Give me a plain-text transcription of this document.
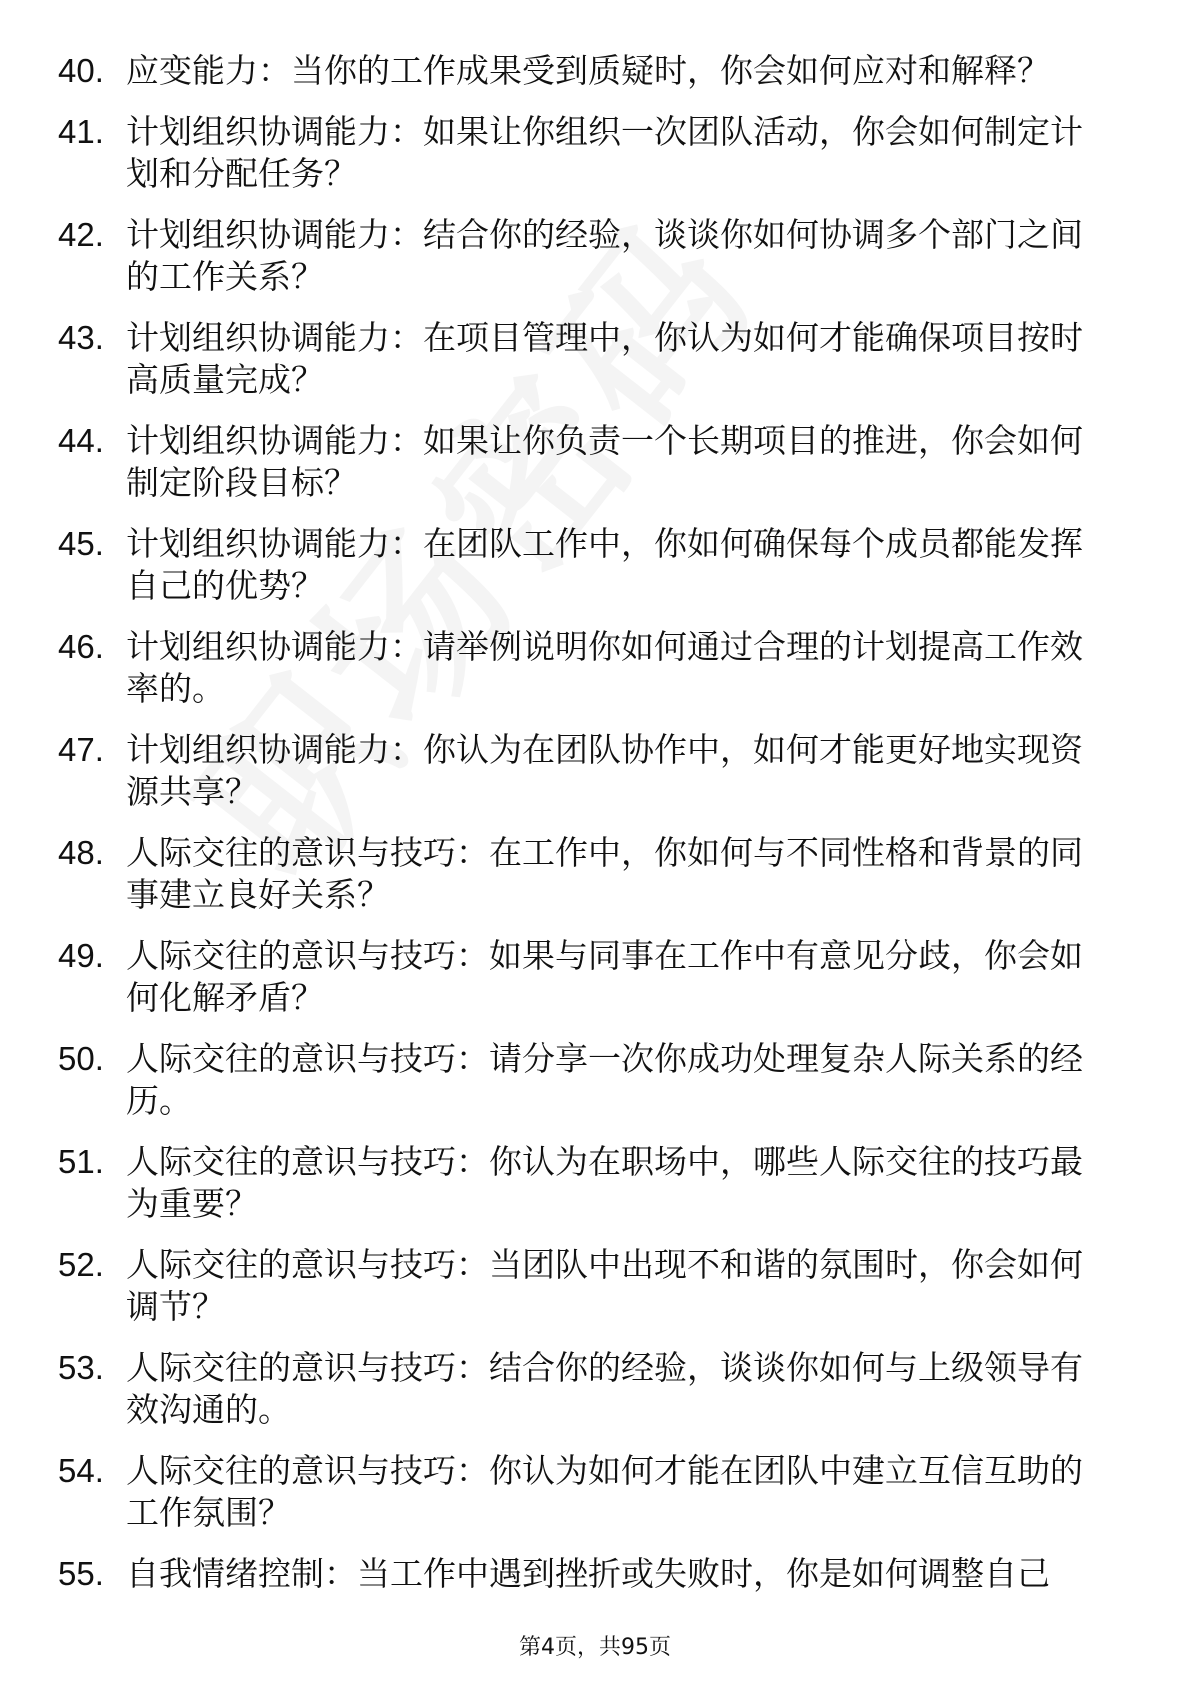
40. 应变能力：当你的工作成果受到质疑时，你会如何应对和解释？
41. 计划组织协调能力：如果让你组织一次团队活动，你会如何制定计划和分配任务？
42. 计划组织协调能力：结合你的经验，谈谈你如何协调多个部门之间的工作关系？
43. 计划组织协调能力：在项目管理中，你认为如何才能确保项目按时高质量完成？
44. 计划组织协调能力：如果让你负责一个长期项目的推进，你会如何制定阶段目标？
45. 计划组织协调能力：在团队工作中，你如何确保每个成员都能发挥自己的优势？
46. 计划组织协调能力：请举例说明你如何通过合理的计划提高工作效率的。
47. 计划组织协调能力：你认为在团队协作中，如何才能更好地实现资源共享？
48. 人际交往的意识与技巧：在工作中，你如何与不同性格和背景的同事建立良好关系？
49. 人际交往的意识与技巧：如果与同事在工作中有意见分歧，你会如何化解矛盾？
50. 人际交往的意识与技巧：请分享一次你成功处理复杂人际关系的经历。
51. 人际交往的意识与技巧：你认为在职场中，哪些人际交往的技巧最为重要？
52. 人际交往的意识与技巧：当团队中出现不和谐的氛围时，你会如何调节？
53. 人际交往的意识与技巧：结合你的经验，谈谈你如何与上级领导有效沟通的。
54. 人际交往的意识与技巧：你认为如何才能在团队中建立互信互助的工作氛围？
55. 自我情绪控制：当工作中遇到挫折或失败时，你是如何调整自己
第4页，共95页
